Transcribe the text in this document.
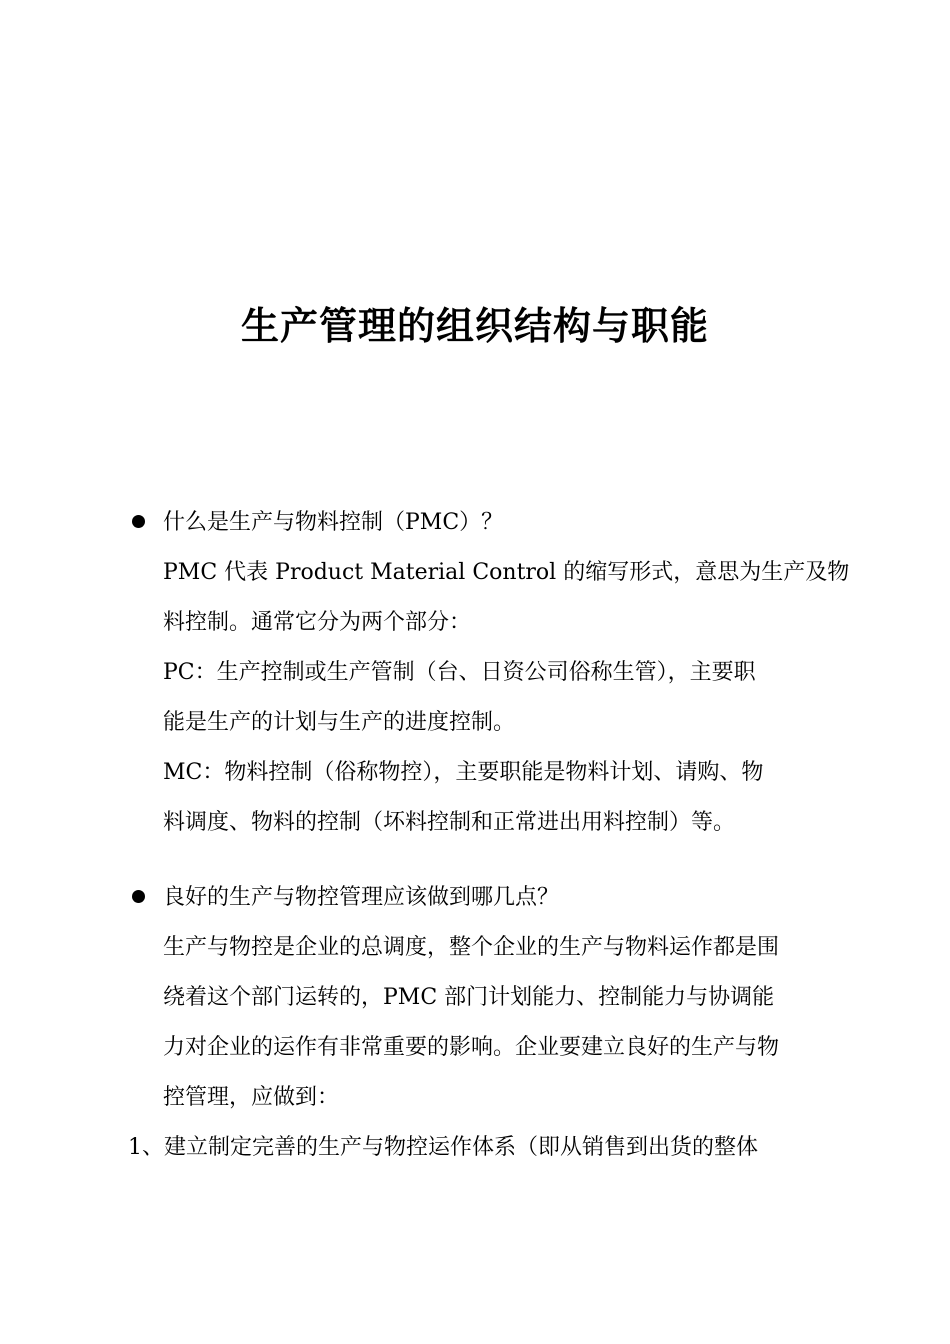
生产管理的组织结构与职能
什么是生产与物料控制（PMC）？
PMC 代表 Product Material Control 的缩写形式，意思为生产及物
料控制。通常它分为两个部分：
PC：生产控制或生产管制（台、日资公司俗称生管），主要职
能是生产的计划与生产的进度控制。
MC：物料控制（俗称物控），主要职能是物料计划、请购、物
料调度、物料的控制（坏料控制和正常进出用料控制）等。
良好的生产与物控管理应该做到哪几点？
生产与物控是企业的总调度，整个企业的生产与物料运作都是围
绕着这个部门运转的，PMC 部门计划能力、控制能力与协调能
力对企业的运作有非常重要的影响。企业要建立良好的生产与物
控管理，应做到：
1、建立制定完善的生产与物控运作体系（即从销售到出货的整体
